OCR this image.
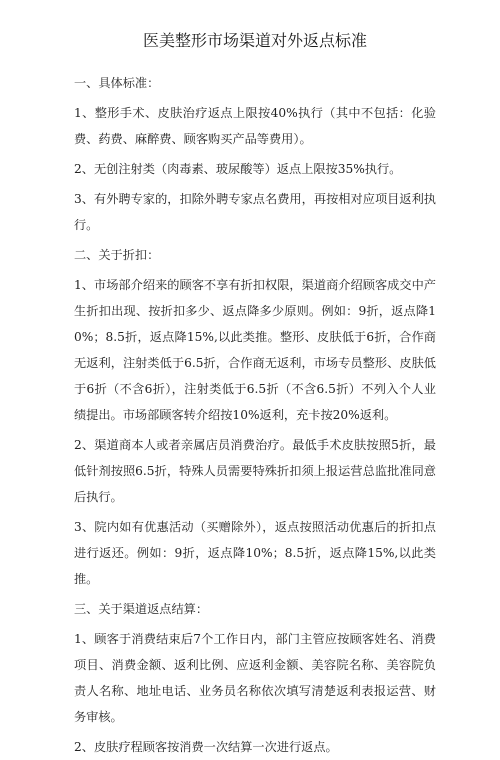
医美整形市场渠道对外返点标准
一、具体标准：
1、整形手术、皮肤治疗返点上限按40%执行（其中不包括：化验费、药费、麻醉费、顾客购买产品等费用）。
2、无创注射类（肉毒素、玻尿酸等）返点上限按35%执行。
3、有外聘专家的，扣除外聘专家点名费用，再按相对应项目返利执行。
二、关于折扣：
1、市场部介绍来的顾客不享有折扣权限，渠道商介绍顾客成交中产生折扣出现、按折扣多少、返点降多少原则。例如：9折，返点降10%；8.5折，返点降15%,以此类推。整形、皮肤低于6折，合作商无返利，注射类低于6.5折，合作商无返利，市场专员整形、皮肤低于6折（不含6折），注射类低于6.5折（不含6.5折）不列入个人业绩提出。市场部顾客转介绍按10%返利，充卡按20%返利。
2、渠道商本人或者亲属店员消费治疗。最低手术皮肤按照5折，最低针剂按照6.5折，特殊人员需要特殊折扣须上报运营总监批准同意后执行。
3、院内如有优惠活动（买赠除外），返点按照活动优惠后的折扣点进行返还。例如：9折，返点降10%；8.5折，返点降15%,以此类推。
三、关于渠道返点结算：
1、顾客于消费结束后7个工作日内，部门主管应按顾客姓名、消费项目、消费金额、返利比例、应返利金额、美容院名称、美容院负责人名称、地址电话、业务员名称依次填写清楚返利表报运营、财务审核。
2、皮肤疗程顾客按消费一次结算一次进行返点。
